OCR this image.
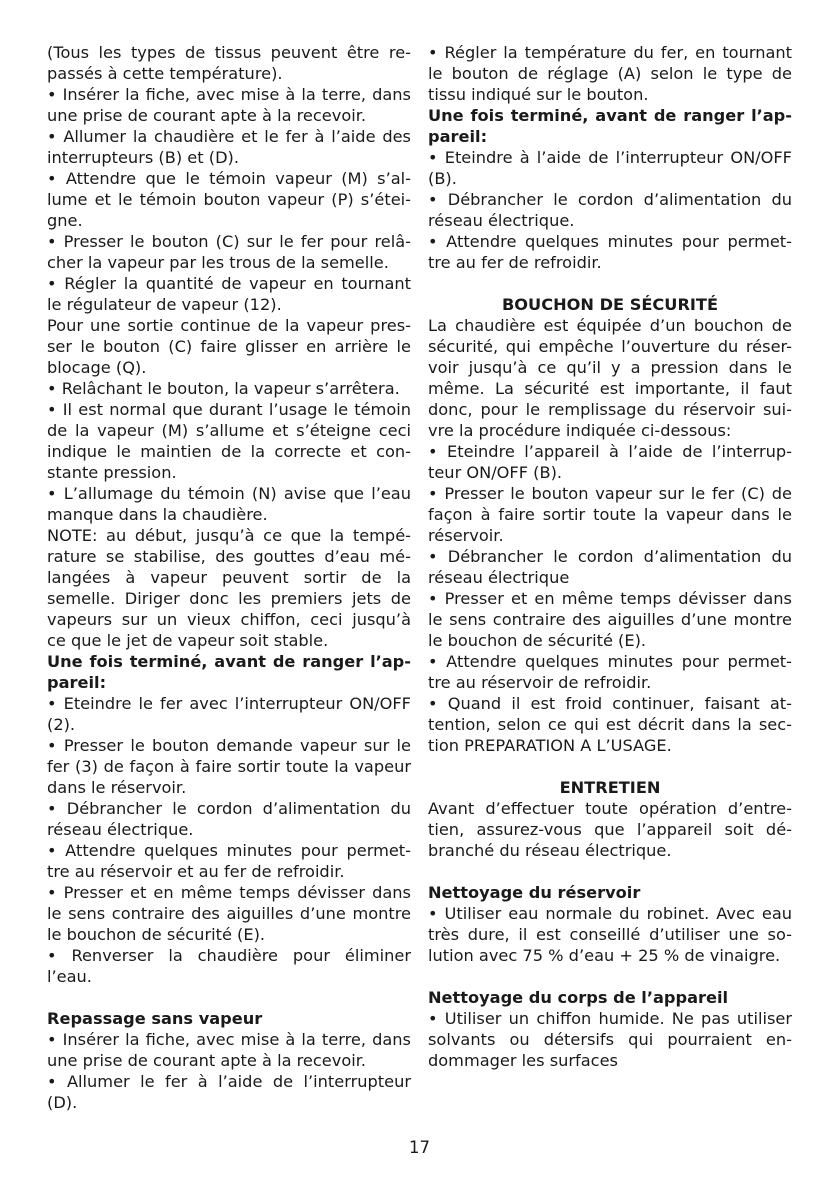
(Tous les types de tissus peuvent être re-
passés à cette température).
• Insérer la fiche, avec mise à la terre, dans
une prise de courant apte à la recevoir.
• Allumer la chaudière et le fer à l’aide des
interrupteurs (B) et (D).
• Attendre que le témoin vapeur (M) s’al-
lume et le témoin bouton vapeur (P) s’étei-
gne.
• Presser le bouton (C) sur le fer pour relâ-
cher la vapeur par les trous de la semelle.
• Régler la quantité de vapeur en tournant
le régulateur de vapeur (12).
Pour une sortie continue de la vapeur pres-
ser le bouton (C) faire glisser en arrière le
blocage (Q).
• Relâchant le bouton, la vapeur s’arrêtera.
• Il est normal que durant l’usage le témoin
de la vapeur (M) s’allume et s’éteigne ceci
indique le maintien de la correcte et con-
stante pression.
• L’allumage du témoin (N) avise que l’eau
manque dans la chaudière.
NOTE: au début, jusqu’à ce que la tempé-
rature se stabilise, des gouttes d’eau mé-
langées à vapeur peuvent sortir de la
semelle. Diriger donc les premiers jets de
vapeurs sur un vieux chiffon, ceci jusqu’à
ce que le jet de vapeur soit stable.
Une fois terminé, avant de ranger l’ap-
pareil:
• Eteindre le fer avec l’interrupteur ON/OFF
(2).
• Presser le bouton demande vapeur sur le
fer (3) de façon à faire sortir toute la vapeur
dans le réservoir.
• Débrancher le cordon d’alimentation du
réseau électrique.
• Attendre quelques minutes pour permet-
tre au réservoir et au fer de refroidir.
• Presser et en même temps dévisser dans
le sens contraire des aiguilles d’une montre
le bouchon de sécurité (E).
• Renverser la chaudière pour éliminer
l’eau.
Repassage sans vapeur
• Insérer la fiche, avec mise à la terre, dans
une prise de courant apte à la recevoir.
• Allumer le fer à l’aide de l’interrupteur
(D).
• Régler la température du fer, en tournant
le bouton de réglage (A) selon le type de
tissu indiqué sur le bouton.
Une fois terminé, avant de ranger l’ap-
pareil:
• Eteindre à l’aide de l’interrupteur ON/OFF
(B).
• Débrancher le cordon d’alimentation du
réseau électrique.
• Attendre quelques minutes pour permet-
tre au fer de refroidir.
BOUCHON DE SÉCURITÉ
La chaudière est équipée d’un bouchon de
sécurité, qui empêche l’ouverture du réser-
voir jusqu’à ce qu’il y a pression dans le
même. La sécurité est importante, il faut
donc, pour le remplissage du réservoir sui-
vre la procédure indiquée ci-dessous:
• Eteindre l’appareil à l’aide de l’interrup-
teur ON/OFF (B).
• Presser le bouton vapeur sur le fer (C) de
façon à faire sortir toute la vapeur dans le
réservoir.
• Débrancher le cordon d’alimentation du
réseau électrique
• Presser et en même temps dévisser dans
le sens contraire des aiguilles d’une montre
le bouchon de sécurité (E).
• Attendre quelques minutes pour permet-
tre au réservoir de refroidir.
• Quand il est froid continuer, faisant at-
tention, selon ce qui est décrit dans la sec-
tion PREPARATION A L’USAGE.
ENTRETIEN
Avant d’effectuer toute opération d’entre-
tien, assurez-vous que l’appareil soit dé-
branché du réseau électrique.
Nettoyage du réservoir
• Utiliser eau normale du robinet. Avec eau
très dure, il est conseillé d’utiliser une so-
lution avec 75 % d’eau + 25 % de vinaigre.
Nettoyage du corps de l’appareil
• Utiliser un chiffon humide. Ne pas utiliser
solvants ou détersifs qui pourraient en-
dommager les surfaces
17
